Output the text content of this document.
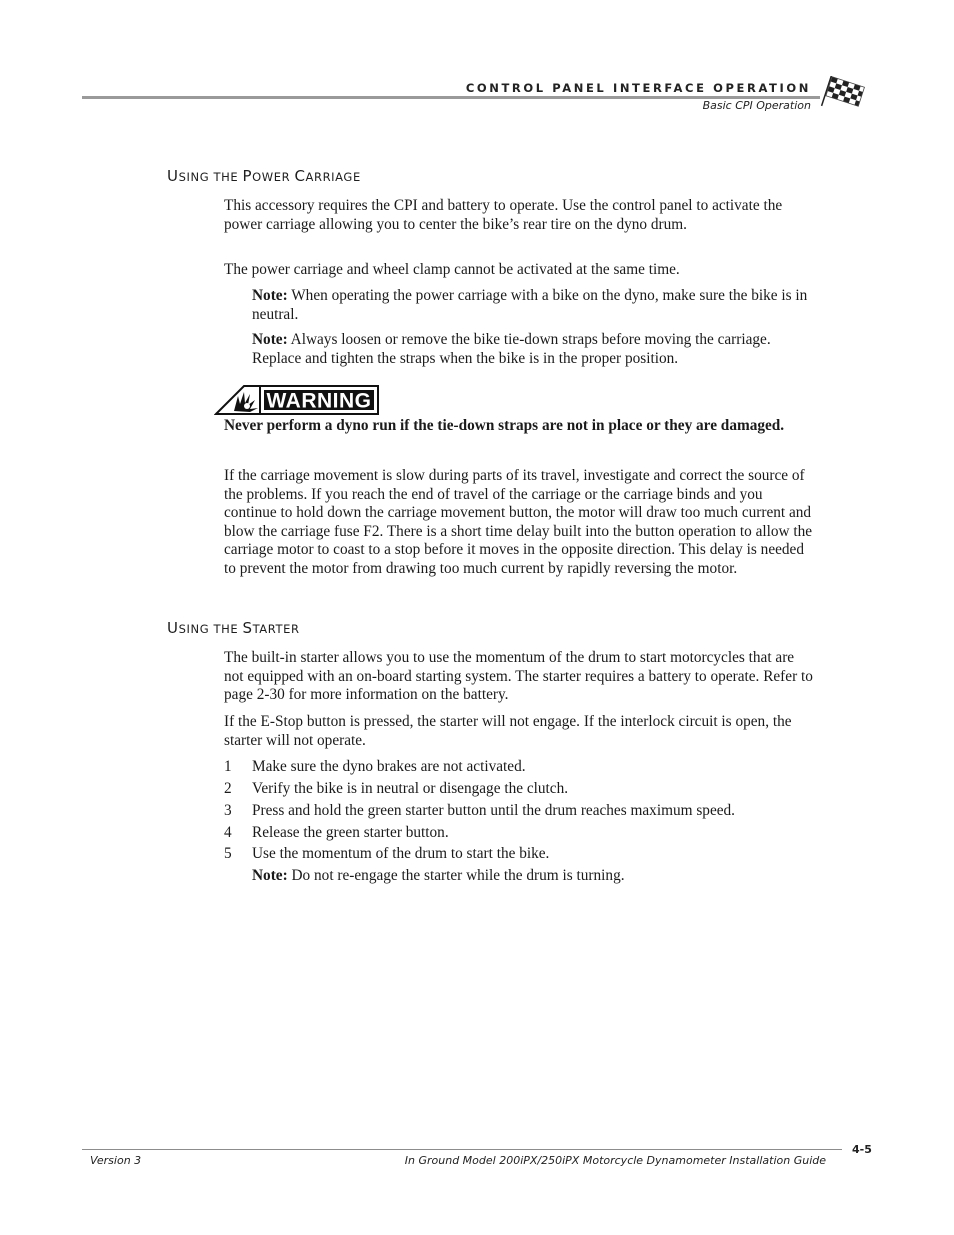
CONTROL PANEL INTERFACE OPERATION
Basic CPI Operation
USING THE POWER CARRIAGE
This accessory requires the CPI and battery to operate. Use the control panel to activate the power carriage allowing you to center the bike’s rear tire on the dyno drum.
The power carriage and wheel clamp cannot be activated at the same time.
Note: When operating the power carriage with a bike on the dyno, make sure the bike is in neutral.
Note: Always loosen or remove the bike tie-down straps before moving the carriage. Replace and tighten the straps when the bike is in the proper position.
WARNING
Never perform a dyno run if the tie-down straps are not in place or they are damaged.
If the carriage movement is slow during parts of its travel, investigate and correct the source of the problems. If you reach the end of travel of the carriage or the carriage binds and you continue to hold down the carriage movement button, the motor will draw too much current and blow the carriage fuse F2. There is a short time delay built into the button operation to allow the carriage motor to coast to a stop before it moves in the opposite direction. This delay is needed to prevent the motor from drawing too much current by rapidly reversing the motor.
USING THE STARTER
The built-in starter allows you to use the momentum of the drum to start motorcycles that are not equipped with an on-board starting system. The starter requires a battery to operate. Refer to page 2-30 for more information on the battery.
If the E-Stop button is pressed, the starter will not engage. If the interlock circuit is open, the starter will not operate.
1 Make sure the dyno brakes are not activated.
2 Verify the bike is in neutral or disengage the clutch.
3 Press and hold the green starter button until the drum reaches maximum speed.
4 Release the green starter button.
5 Use the momentum of the drum to start the bike.
Note: Do not re-engage the starter while the drum is turning.
4-5
Version 3	In Ground Model 200iPX/250iPX Motorcycle Dynamometer Installation Guide
